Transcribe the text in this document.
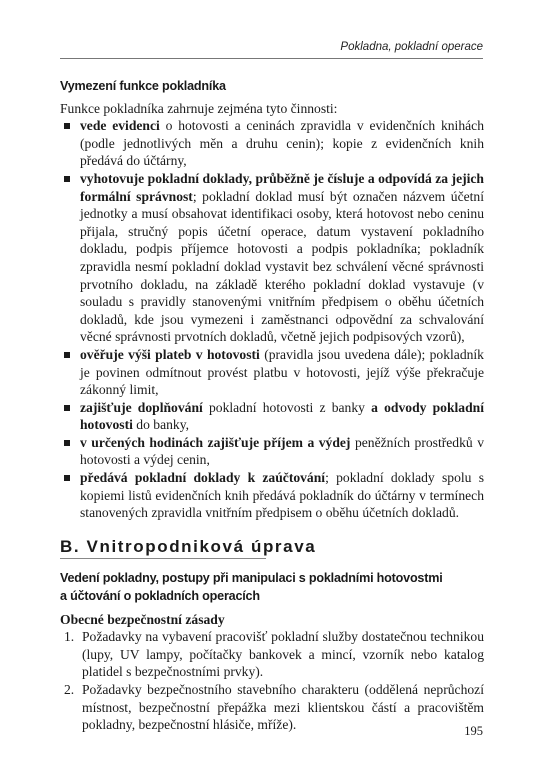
Pokladna, pokladní operace
Vymezení funkce pokladníka

Funkce pokladníka zahrnuje zejména tyto činnosti:

vede evidenci o hotovosti a ceninách zpravidla v evidenčních knihách (podle jednotlivých měn a druhu cenin); kopie z evidenčních knih předává do účtárny,
vyhotovuje pokladní doklady, průběžně je čísluje a odpovídá za jejich formální správnost; pokladní doklad musí být označen názvem účetní jednotky a musí obsahovat identifikaci osoby, která hotovost nebo ceninu přijala, stručný popis účetní operace, datum vystavení pokladního dokladu, podpis příjemce hotovosti a podpis pokladníka; pokladník zpravidla nesmí pokladní doklad vystavit bez schválení věcné správnosti prvotního dokladu, na základě kterého pokladní doklad vystavuje (v souladu s pravidly stanovenými vnitřním předpisem o oběhu účetních dokladů, kde jsou vymezeni i zaměstnanci odpovědní za schvalování věcné správnosti prvotních dokladů, včetně jejich podpisových vzorů),
ověřuje výši plateb v hotovosti (pravidla jsou uvedena dále); pokladník je povinen odmítnout provést platbu v hotovosti, jejíž výše překračuje zákonný limit,
zajišťuje doplňování pokladní hotovosti z banky a odvody pokladní hotovosti do banky,
v určených hodinách zajišťuje příjem a výdej peněžních prostředků v hotovosti a výdej cenin,
předává pokladní doklady k zaúčtování; pokladní doklady spolu s kopiemi listů evidenčních knih předává pokladník do účtárny v termínech stanovených zpravidla vnitřním předpisem o oběhu účetních dokladů.
B. Vnitropodniková úprava
Vedení pokladny, postupy při manipulaci s pokladními hotovostmi
a účtování o pokladních operacích

Obecné bezpečnostní zásady

1. Požadavky na vybavení pracovišť pokladní služby dostatečnou technikou (lupy, UV lampy, počítačky bankovek a mincí, vzorník nebo katalog platidel s bezpečnostními prvky).
2. Požadavky bezpečnostního stavebního charakteru (oddělená neprůchozí místnost, bezpečnostní přepážka mezi klientskou částí a pracovištěm pokladny, bezpečnostní hlásiče, mříže).	195
